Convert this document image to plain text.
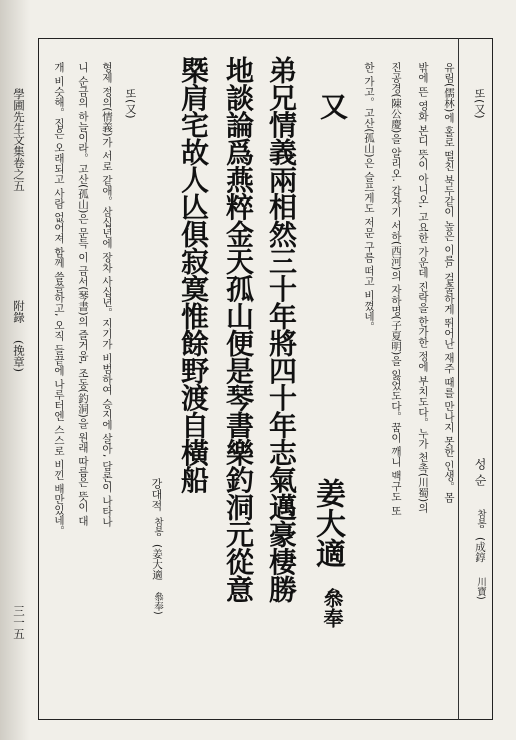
學圃先生文集卷之五
附錄
(挽章)
三一五
또(又)
성 순
참봉
(成錞
川寶)
유림(儒林)에 홀로 떨친 북두같이 높은 이름. 걸출하게 뛰어난 재주 때를 만나지 못한 인생。몸
밖에 뜬 영화 본디 뜻이 아니오, 고요한 가운데 진락을 한가한 정에 부치도다。누가 천촉(川蜀)의
진공경(陳公慶)을 알리오. 갑자기 서하(西河)의 자하명(子夏明)을 잃었도다。꿈이 깨니 백구도 또
한 가고。고산(孤山)은 슬프게도 저문 구름 떠고 비꼈네。
又
弟兄情義兩相然三十年將四十年志氣邁豪棲勝
地談論爲燕粹金天孤山便是琴書樂釣洞元從意
槩肩宅故人亾俱寂寞惟餘野渡自橫船
姜大適
叅奉
강대적
참봉
(姜大適
叅奉)
또(又)
형제 정의(情義)가 서로 같애。삼십년에 장차 사십년。지기가 비범하여 승지에 살아, 담론이 나타나
니 순금의 하늘이라。고산(孤山)은 문득 이 금서(琴書)의 즐거움, 조동(釣洞)을 원래 따름은 뜻이 대
개 비슷해。집은 오래되고 사람 없어져 함께 쓸쓸하고, 오직 들끝에 나루터엔 스스로 비낀 배만있네。
